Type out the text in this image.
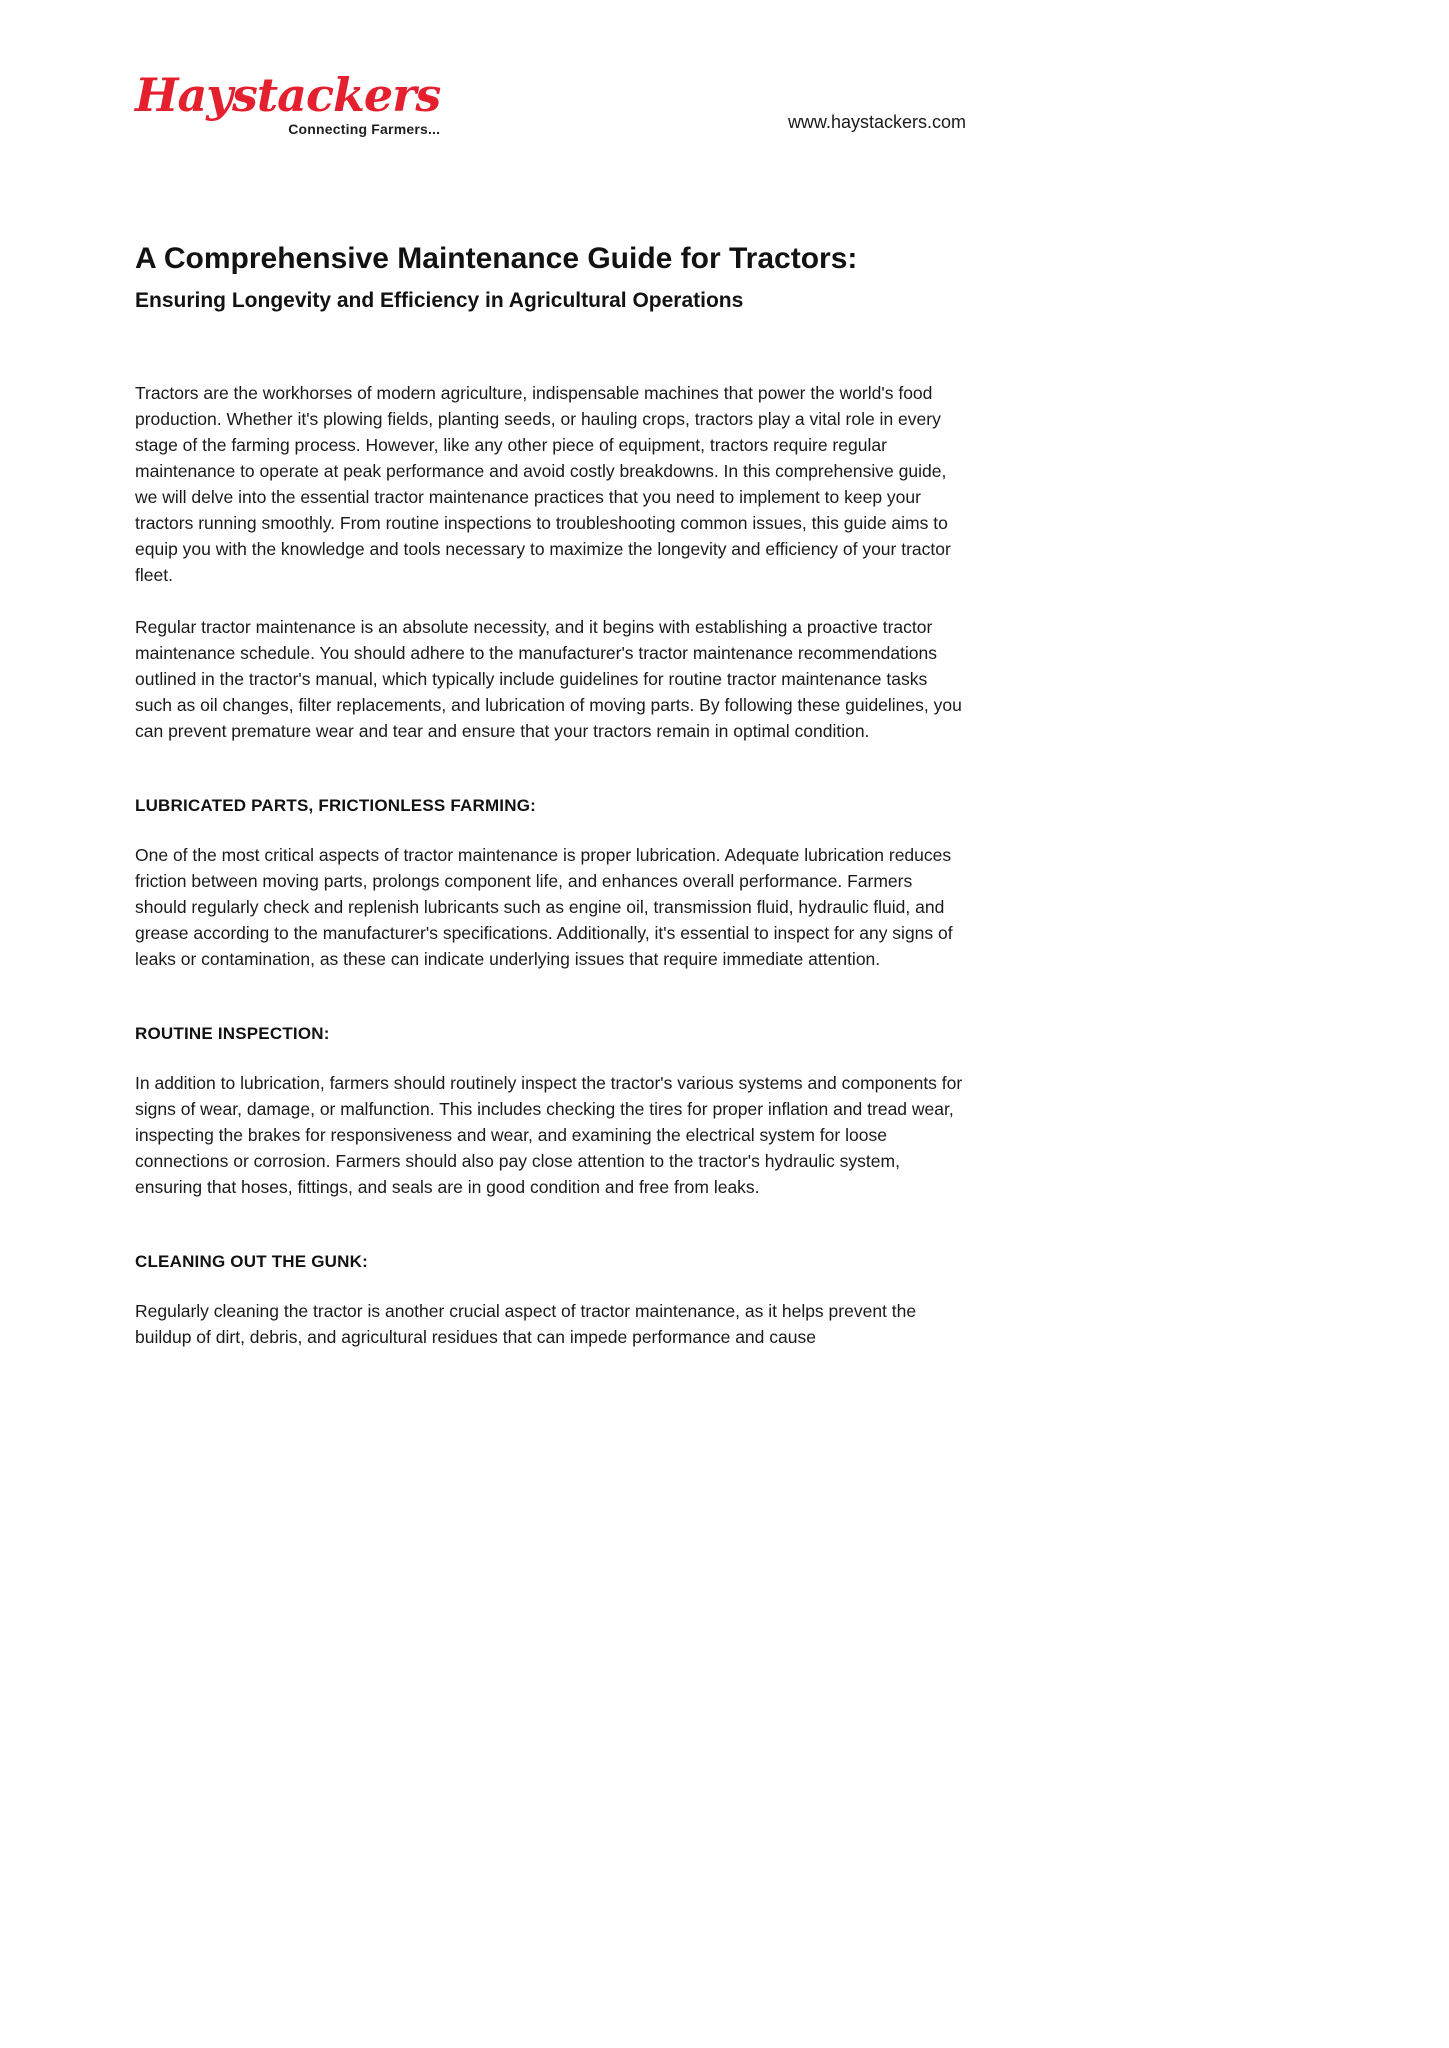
Haystackers
Connecting Farmers...	www.haystackers.com
A Comprehensive Maintenance Guide for Tractors:
Ensuring Longevity and Efficiency in Agricultural Operations

Tractors are the workhorses of modern agriculture, indispensable machines that power the world's food production. Whether it's plowing fields, planting seeds, or hauling crops, tractors play a vital role in every stage of the farming process. However, like any other piece of equipment, tractors require regular maintenance to operate at peak performance and avoid costly breakdowns. In this comprehensive guide, we will delve into the essential tractor maintenance practices that you need to implement to keep your tractors running smoothly. From routine inspections to troubleshooting common issues, this guide aims to equip you with the knowledge and tools necessary to maximize the longevity and efficiency of your tractor fleet.

Regular tractor maintenance is an absolute necessity, and it begins with establishing a proactive tractor maintenance schedule. You should adhere to the manufacturer's tractor maintenance recommendations outlined in the tractor's manual, which typically include guidelines for routine tractor maintenance tasks such as oil changes, filter replacements, and lubrication of moving parts. By following these guidelines, you can prevent premature wear and tear and ensure that your tractors remain in optimal condition.

LUBRICATED PARTS, FRICTIONLESS FARMING:

One of the most critical aspects of tractor maintenance is proper lubrication. Adequate lubrication reduces friction between moving parts, prolongs component life, and enhances overall performance. Farmers should regularly check and replenish lubricants such as engine oil, transmission fluid, hydraulic fluid, and grease according to the manufacturer's specifications. Additionally, it's essential to inspect for any signs of leaks or contamination, as these can indicate underlying issues that require immediate attention.

ROUTINE INSPECTION:

In addition to lubrication, farmers should routinely inspect the tractor's various systems and components for signs of wear, damage, or malfunction. This includes checking the tires for proper inflation and tread wear, inspecting the brakes for responsiveness and wear, and examining the electrical system for loose connections or corrosion. Farmers should also pay close attention to the tractor's hydraulic system, ensuring that hoses, fittings, and seals are in good condition and free from leaks.

CLEANING OUT THE GUNK:

Regularly cleaning the tractor is another crucial aspect of tractor maintenance, as it helps prevent the buildup of dirt, debris, and agricultural residues that can impede performance and cause
